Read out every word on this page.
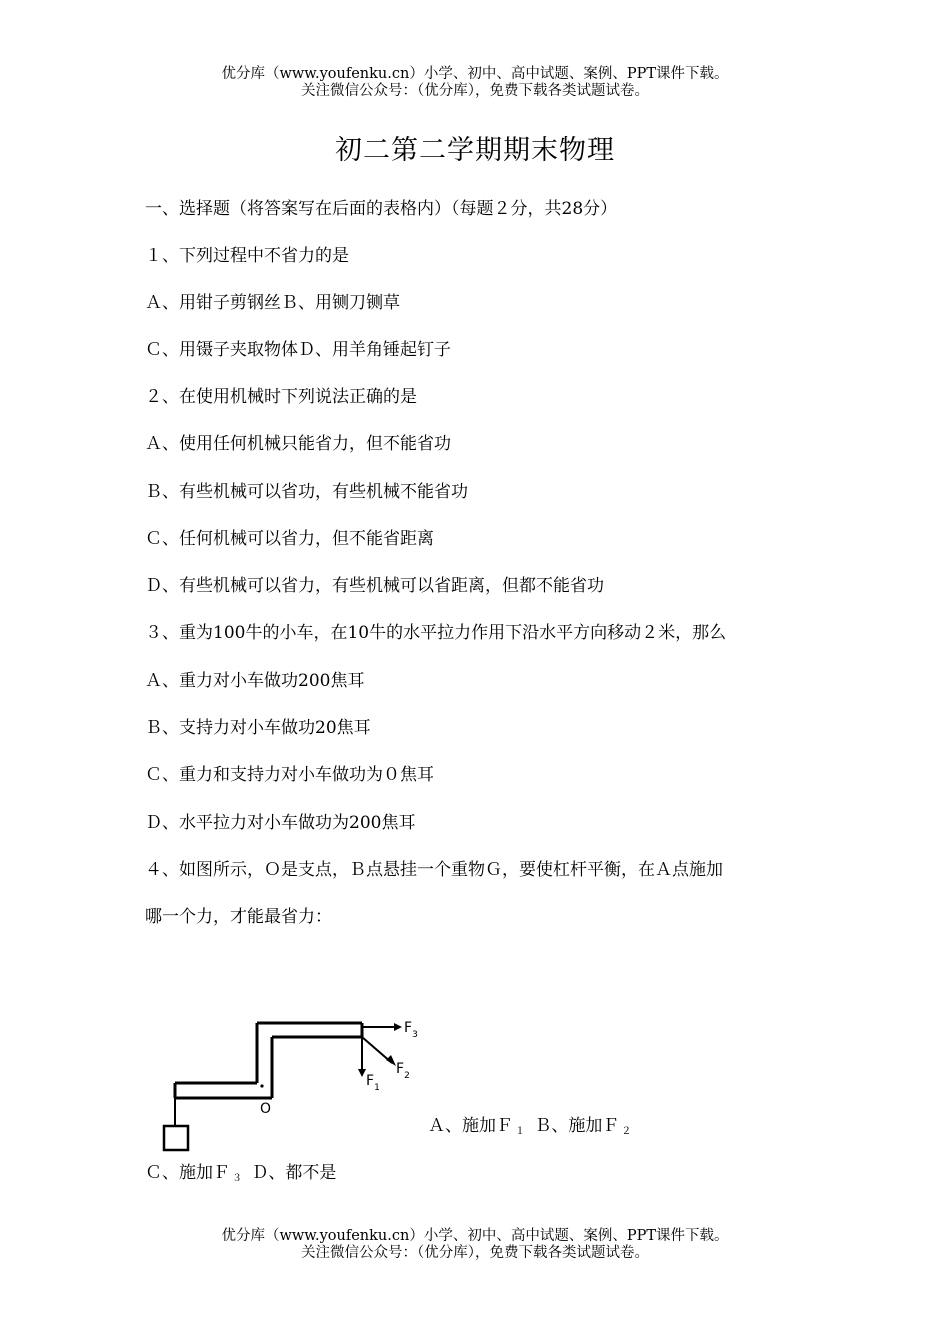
优分库（www.youfenku.cn）小学、初中、高中试题、案例、PPT课件下载。
关注微信公众号：（优分库），免费下载各类试题试卷。
初二第二学期期末物理
一、选择题（将答案写在后面的表格内）（每题２分，共28分）
１、下列过程中不省力的是
Ａ、用钳子剪钢丝Ｂ、用铡刀铡草
Ｃ、用镊子夹取物体Ｄ、用羊角锤起钉子
２、在使用机械时下列说法正确的是
Ａ、使用任何机械只能省力，但不能省功
Ｂ、有些机械可以省功，有些机械不能省功
Ｃ、任何机械可以省力，但不能省距离
Ｄ、有些机械可以省力，有些机械可以省距离，但都不能省功
３、重为100牛的小车，在10牛的水平拉力作用下沿水平方向移动２米，那么
Ａ、重力对小车做功200焦耳
Ｂ、支持力对小车做功20焦耳
Ｃ、重力和支持力对小车做功为０焦耳
Ｄ、水平拉力对小车做功为200焦耳
４、如图所示，Ｏ是支点，Ｂ点悬挂一个重物Ｇ，要使杠杆平衡，在Ａ点施加
哪一个力，才能最省力：
O
$F_1$
$F_2$
$F_3$
Ａ、施加Ｆ $_1$ Ｂ、施加Ｆ $_2$
Ｃ、施加Ｆ $_3$ Ｄ、都不是
优分库（www.youfenku.cn）小学、初中、高中试题、案例、PPT课件下载。
关注微信公众号：（优分库），免费下载各类试题试卷。
